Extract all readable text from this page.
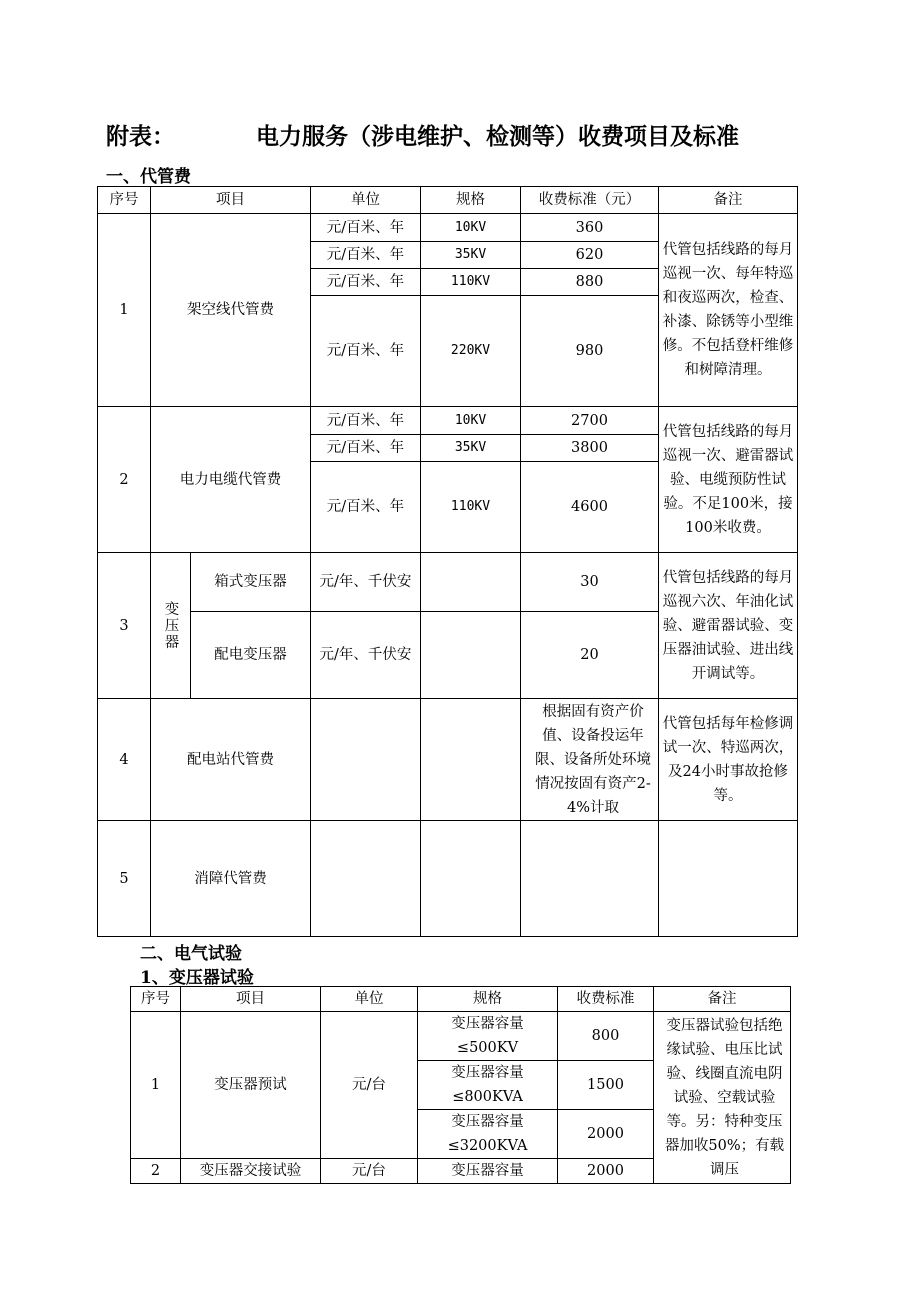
附表：	电力服务（涉电维护、检测等）收费项目及标准
一、代管费
序号	项目		单位	规格	收费标准（元）	备注
1	架空线代管费		元/百米、年	10KV	360	代管包括线路的每月巡视一次、每年特巡和夜巡两次，检查、补漆、除锈等小型维修。不包括登杆维修和树障清理。
			元/百米、年	35KV	620	
			元/百米、年	110KV	880	
			元/百米、年	220KV	980	
2	电力电缆代管费		元/百米、年	10KV	2700	代管包括线路的每月巡视一次、避雷器试验、电缆预防性试验。不足100米，接100米收费。
			元/百米、年	35KV	3800	
			元/百米、年	110KV	4600	
3	变压器	箱式变压器	元/年、千伏安		30	代管包括线路的每月巡视六次、年油化试验、避雷器试验、变压器油试验、进出线开调试等。
		配电变压器	元/年、千伏安		20	
4	配电站代管费				根据固有资产价值、设备投运年限、设备所处环境情况按固有资产2-4%计取	代管包括每年检修调试一次、特巡两次，及24小时事故抢修等。
5	消障代管费					
二、电气试验
1、变压器试验
序号	项目	单位	规格	收费标准	备注
1	变压器预试	元/台	变压器容量≤500KV	800	变压器试验包括绝缘试验、电压比试验、线圈直流电阴试验、空载试验等。另：特种变压器加收50%；有载调压
			变压器容量≤800KVA	1500	
			变压器容量≤3200KVA	2000	
2	变压器交接试验	元/台	变压器容量	2000	
